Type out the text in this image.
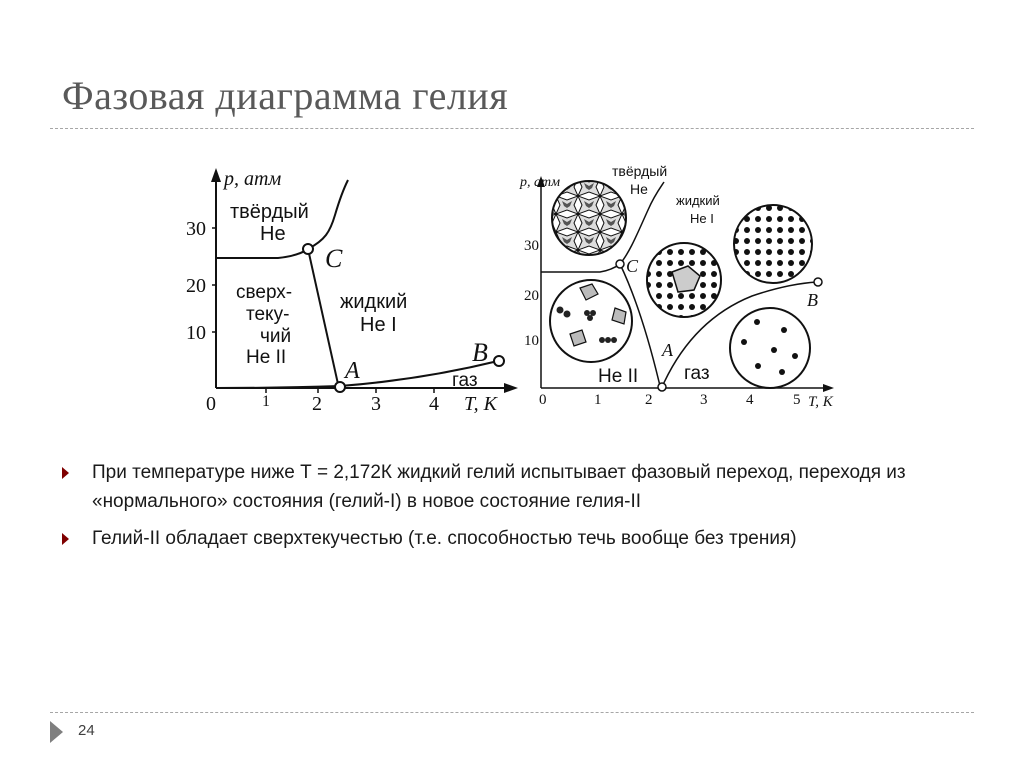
Фазовая диаграмма гелия
p, атм
T, K
10
20
30
0	1 2 3 4
C
A
B
твёрдый
Не
сверх-
теку-
чий
Не II
жидкий
Не I
газ
p, атм
T, K
10
20
30
0	1	2	3	4	5
C
A
B
твёрдый
Не
жидкий
Не I
Не II газ
При температуре ниже Т = 2,172К жидкий гелий испытывает фазовый переход, переходя из «нормального» состояния (гелий-I) в новое состояние гелия-II
Гелий-II обладает сверхтекучестью (т.е. способностью течь вообще без трения)
24
